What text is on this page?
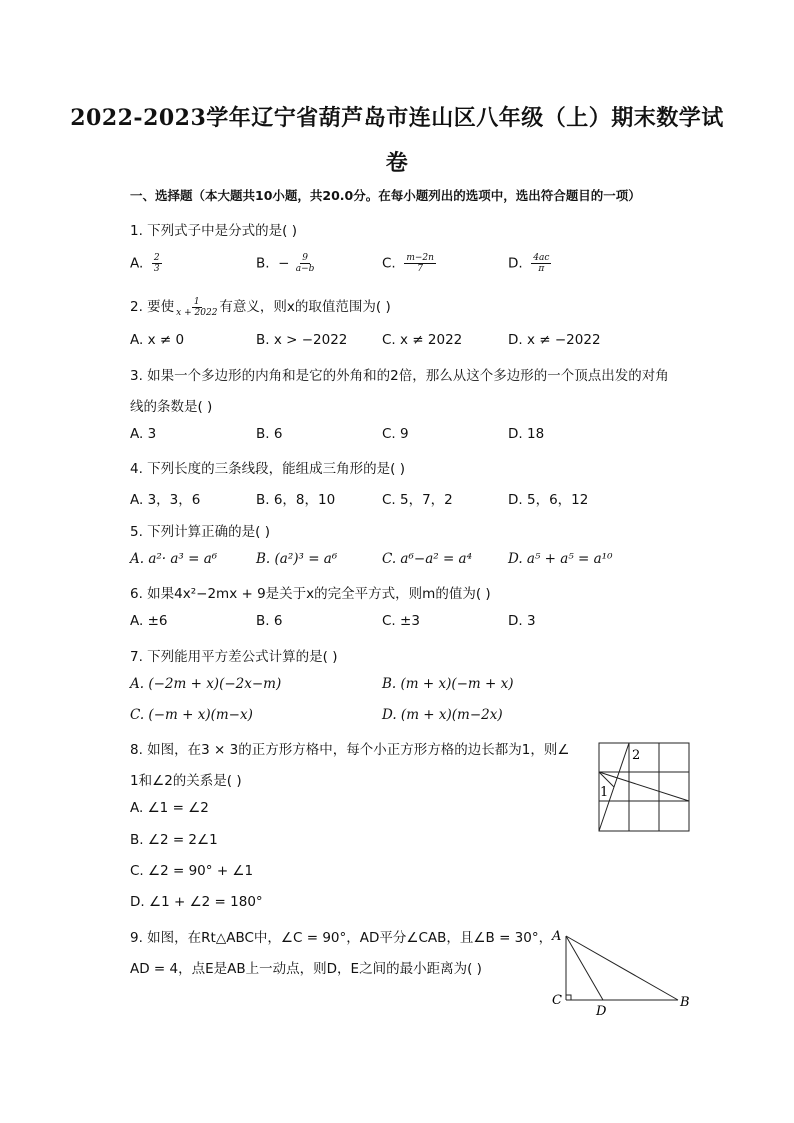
2022-2023学年辽宁省葫芦岛市连山区八年级（上）期末数学试
卷
一、选择题（本大题共10小题，共20.0分。在每小题列出的选项中，选出符合题目的一项）
1. 下列式子中是分式的是( )
A. $\frac{2}{3}$	B. − $\frac{9}{a-b}$	C. $\frac{m-2n}{7}$	D. $\frac{4ac}{\pi}$
2. 要使 $\frac{1}{x + 2022}$ 有意义，则x的取值范围为( )
A. x ≠ 0	B. x > −2022	C. x ≠ 2022	D. x ≠ −2022
3. 如果一个多边形的内角和是它的外角和的2倍，那么从这个多边形的一个顶点出发的对角
线的条数是( )
A. 3	B. 6	C. 9	D. 18
4. 下列长度的三条线段，能组成三角形的是( )
A. 3，3，6	B. 6，8，10	C. 5，7，2	D. 5，6，12
5. 下列计算正确的是( )
A. a²· a³ = a⁶	B. (a²)³ = a⁶	C. a⁶−a² = a⁴	D. a⁵ + a⁵ = a¹⁰
6. 如果4x²−2mx + 9是关于x的完全平方式，则m的值为( )
A. ±6	B. 6	C. ±3	D. 3
7. 下列能用平方差公式计算的是( )
A. (−2m + x)(−2x−m)	B. (m + x)(−m + x)
C. (−m + x)(m−x)	D. (m + x)(m−2x)
8. 如图，在3 × 3的正方形方格中，每个小正方形方格的边长都为1，则∠
1和∠2的关系是( )
A. ∠1 = ∠2
B. ∠2 = 2∠1
C. ∠2 = 90° + ∠1
D. ∠1 + ∠2 = 180°
2
1
9. 如图，在Rt△ABC中，∠C = 90°，AD平分∠CAB，且∠B = 30°，
AD = 4，点E是AB上一动点，则D，E之间的最小距离为( )
A
C
D
B
